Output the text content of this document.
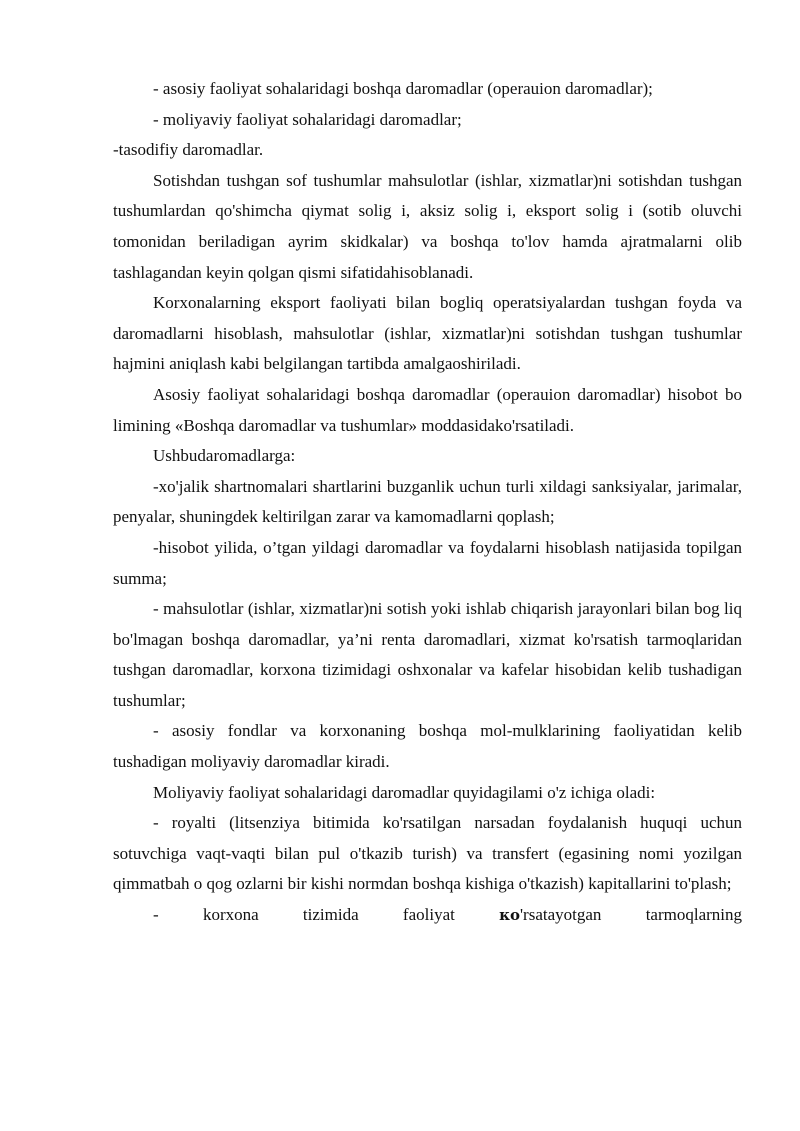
- asosiy faoliyat sohalaridagi boshqa daromadlar (operauion daromadlar);

- moliyaviy faoliyat sohalaridagi daromadlar;

-tasodifiy daromadlar.

Sotishdan tushgan sof tushumlar mahsulotlar (ishlar, xizmatlar)ni sotishdan tushgan tushumlardan qo'shimcha qiymat solig i, aksiz solig i, eksport solig i (sotib oluvchi tomonidan beriladigan ayrim skidkalar) va boshqa to'lov hamda ajratmalarni olib tashlagandan keyin qolgan qismi sifatidahisoblanadi.

Korxonalarning eksport faoliyati bilan bogliq operatsiyalardan tushgan foyda va daromadlarni hisoblash, mahsulotlar (ishlar, xizmatlar)ni sotishdan tushgan tushumlar hajmini aniqlash kabi belgilangan tartibda amalgaoshiriladi.

Asosiy faoliyat sohalaridagi boshqa daromadlar (operauion daromadlar) hisobot bo limining «Boshqa daromadlar va tushumlar» moddasidako'rsatiladi.

Ushbudaromadlarga:

-xo'jalik shartnomalari shartlarini buzganlik uchun turli xildagi sanksiyalar, jarimalar, penyalar, shuningdek keltirilgan zarar va kamomadlarni qoplash;

-hisobot yilida, o’tgan yildagi daromadlar va foydalarni hisoblash natijasida topilgan summa;

- mahsulotlar (ishlar, xizmatlar)ni sotish yoki ishlab chiqarish jarayonlari bilan bog liq bo'lmagan boshqa daromadlar, ya’ni renta daromadlari, xizmat ko'rsatish tarmoqlaridan tushgan daromadlar, korxona tizimidagi oshxonalar va kafelar hisobidan kelib tushadigan tushumlar;

- asosiy fondlar va korxonaning boshqa mol-mulklarining faoliyatidan kelib tushadigan moliyaviy daromadlar kiradi.

Moliyaviy faoliyat sohalaridagi daromadlar quyidagilami o'z ichiga oladi:

- royalti (litsenziya bitimida ko'rsatilgan narsadan foydalanish huquqi uchun sotuvchiga vaqt-vaqti bilan pul o'tkazib turish) va transfert (egasining nomi yozilgan qimmatbah o qog ozlarni bir kishi normdan boshqa kishiga o'tkazish) kapitallarini to'plash;

- korxona tizimida faoliyat ко'rsatayotgan tarmoqlarning
